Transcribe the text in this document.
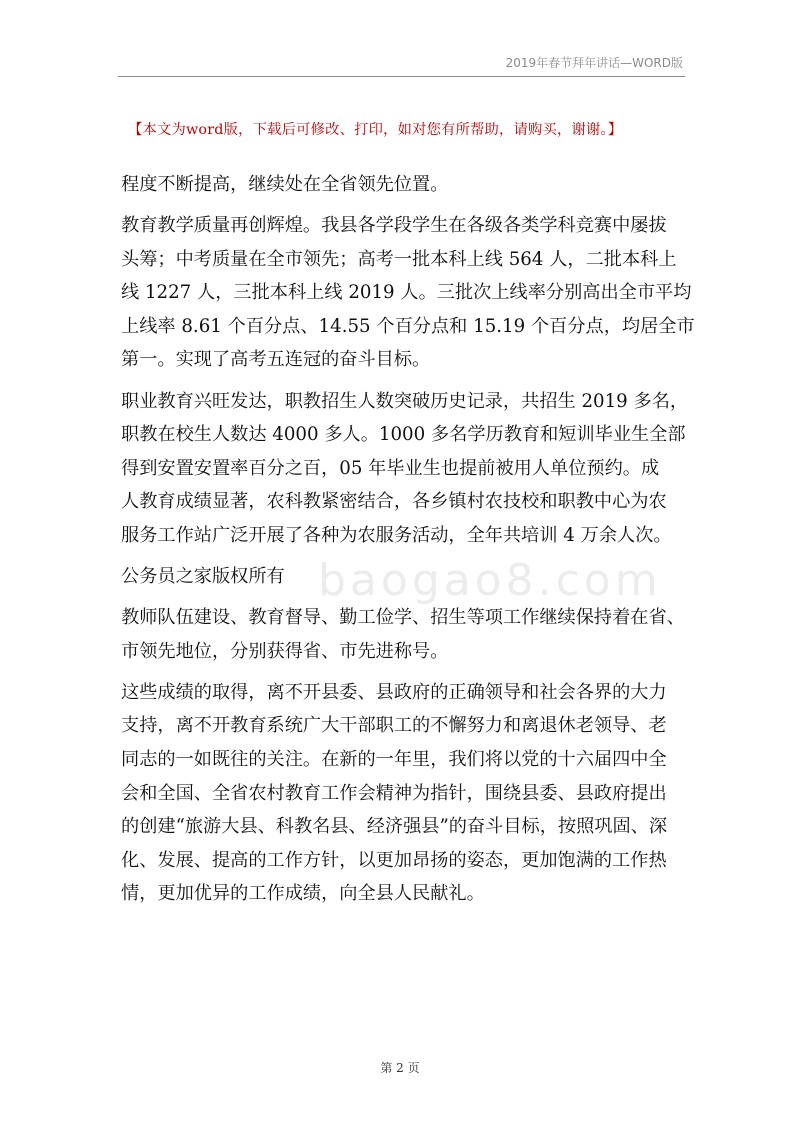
2019年春节拜年讲话—WORD版
【本文为word版，下载后可修改、打印，如对您有所帮助，请购买，谢谢。】
baogao8.com
程度不断提高，继续处在全省领先位置。
教育教学质量再创辉煌。我县各学段学生在各级各类学科竞赛中屡拔
头筹；中考质量在全市领先；高考一批本科上线 564 人，二批本科上
线 1227 人，三批本科上线 2019 人。三批次上线率分别高出全市平均
上线率 8.61 个百分点、14.55 个百分点和 15.19 个百分点，均居全市
第一。实现了高考五连冠的奋斗目标。
职业教育兴旺发达，职教招生人数突破历史记录，共招生 2019 多名，
职教在校生人数达 4000 多人。1000 多名学历教育和短训毕业生全部
得到安置安置率百分之百，05 年毕业生也提前被用人单位预约。成
人教育成绩显著，农科教紧密结合，各乡镇村农技校和职教中心为农
服务工作站广泛开展了各种为农服务活动，全年共培训 4 万余人次。
公务员之家版权所有
教师队伍建设、教育督导、勤工俭学、招生等项工作继续保持着在省、
市领先地位，分别获得省、市先进称号。
这些成绩的取得，离不开县委、县政府的正确领导和社会各界的大力
支持，离不开教育系统广大干部职工的不懈努力和离退休老领导、老
同志的一如既往的关注。在新的一年里，我们将以党的十六届四中全
会和全国、全省农村教育工作会精神为指针，围绕县委、县政府提出
的创建“旅游大县、科教名县、经济强县”的奋斗目标，按照巩固、深
化、发展、提高的工作方针，以更加昂扬的姿态，更加饱满的工作热
情，更加优异的工作成绩，向全县人民献礼。
第 2 页
